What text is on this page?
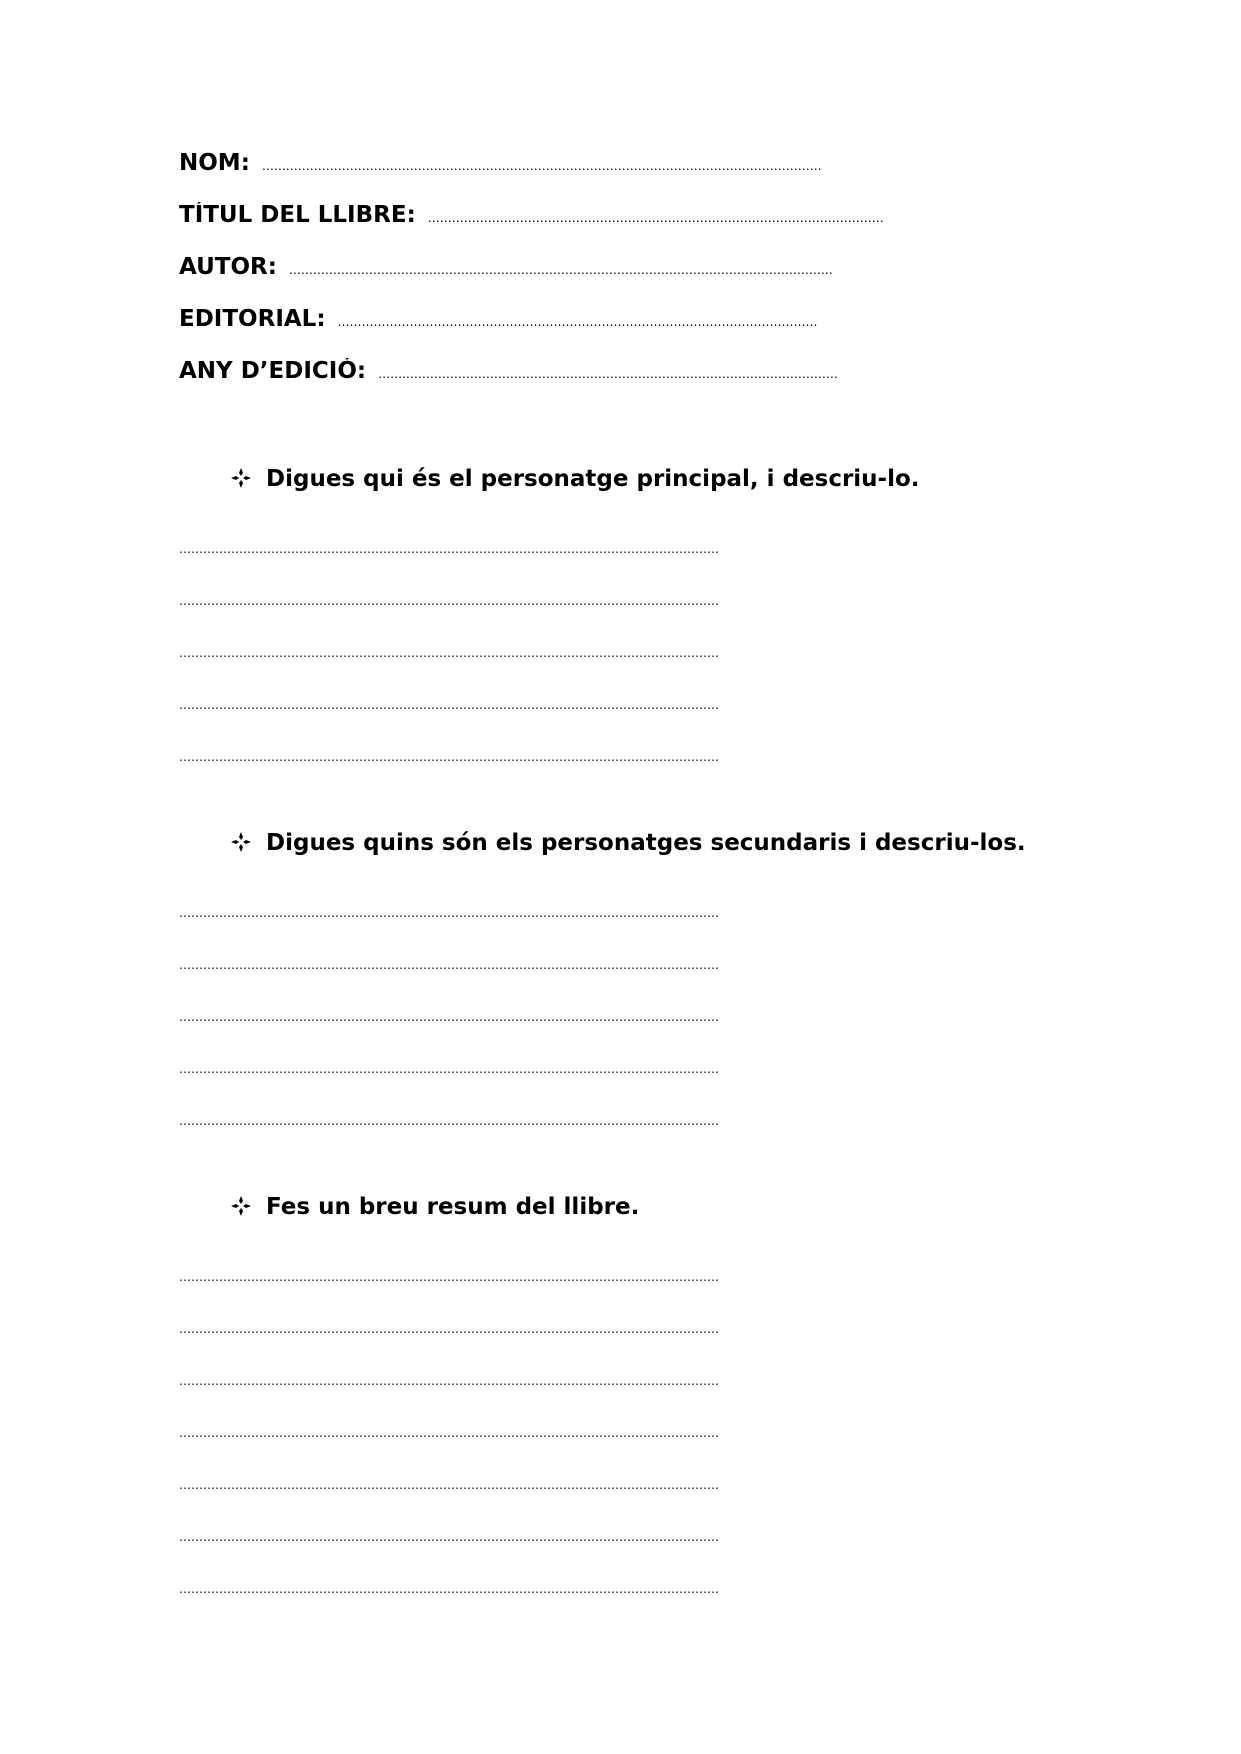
NOM: …….…………………………………………………………………………………………………………………….
TÍTUL DEL LLIBRE: ……………………………………………………………………………………………………
AUTOR: ……………………………………………………………………………………………………………………….
EDITORIAL: …………………………………………………………………………………………………………
ANY D’EDICIÓ: …….………………………………………………………………………………………………
Digues qui és el personatge principal, i descriu-lo.
………………………………………………………………………………………………………………………
………………………………………………………………………………………………………………………
………………………………………………………………………………………………………………………
………………………………………………………………………………………………………………………
………………………………………………………………………………………………………………………
Digues quins són els personatges secundaris i descriu-los.
………………………………………………………………………………………………………………………
………………………………………………………………………………………………………………………
………………………………………………………………………………………………………………………
………………………………………………………………………………………………………………………
………………………………………………………………………………………………………………………
Fes un breu resum del llibre.
………………………………………………………………………………………………………………………
………………………………………………………………………………………………………………………
………………………………………………………………………………………………………………………
………………………………………………………………………………………………………………………
………………………………………………………………………………………………………………………
………………………………………………………………………………………………………………………
………………………………………………………………………………………………………………………
